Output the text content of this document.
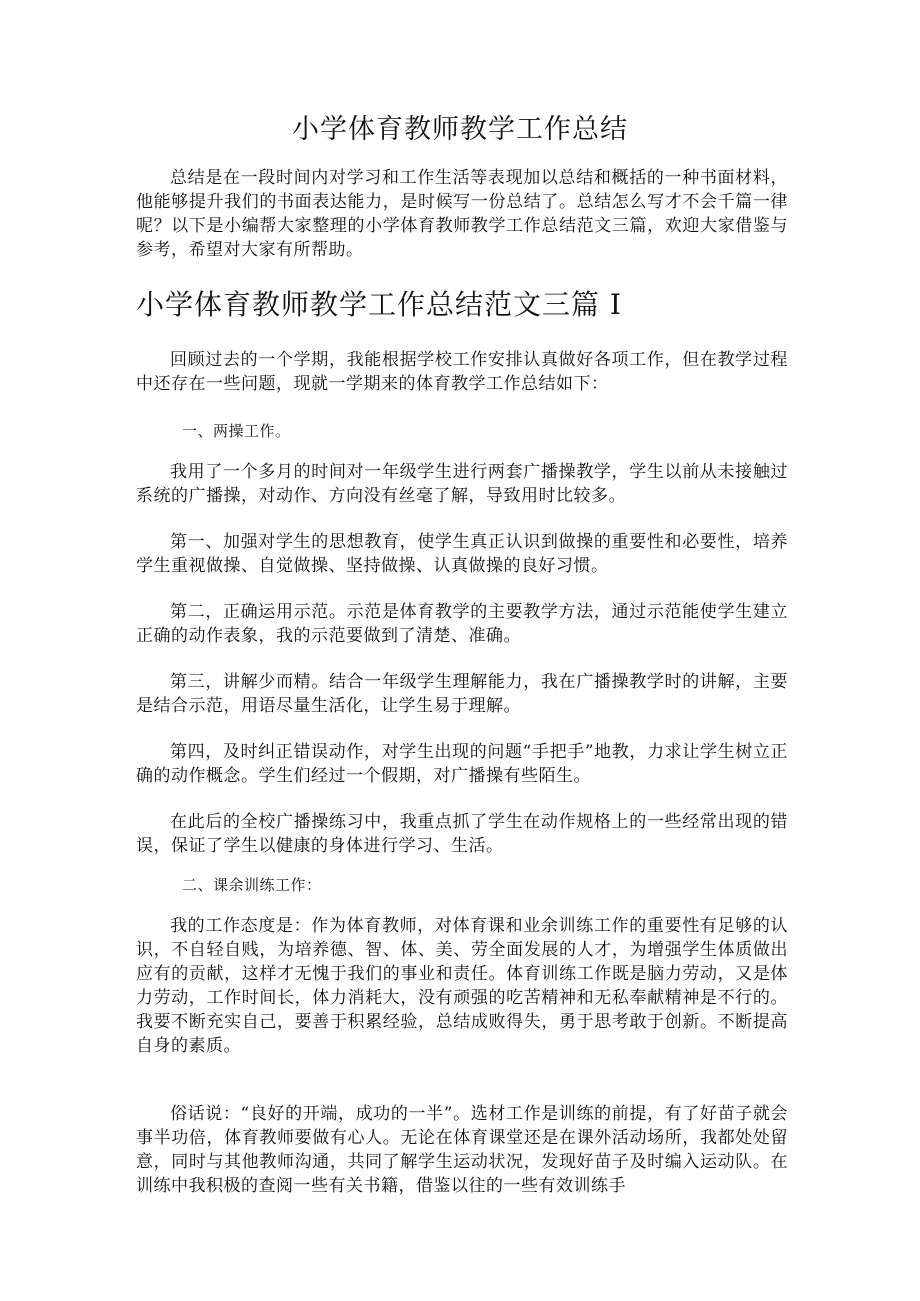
小学体育教师教学工作总结

总结是在一段时间内对学习和工作生活等表现加以总结和概括的一种书面材料，他能够提升我们的书面表达能力，是时候写一份总结了。总结怎么写才不会千篇一律呢？以下是小编帮大家整理的小学体育教师教学工作总结范文三篇，欢迎大家借鉴与参考，希望对大家有所帮助。

小学体育教师教学工作总结范文三篇 I

回顾过去的一个学期，我能根据学校工作安排认真做好各项工作，但在教学过程中还存在一些问题，现就一学期来的体育教学工作总结如下：

一、两操工作。

我用了一个多月的时间对一年级学生进行两套广播操教学，学生以前从未接触过系统的广播操，对动作、方向没有丝毫了解，导致用时比较多。

第一、加强对学生的思想教育，使学生真正认识到做操的重要性和必要性，培养学生重视做操、自觉做操、坚持做操、认真做操的良好习惯。

第二，正确运用示范。示范是体育教学的主要教学方法，通过示范能使学生建立正确的动作表象，我的示范要做到了清楚、准确。

第三，讲解少而精。结合一年级学生理解能力，我在广播操教学时的讲解，主要是结合示范，用语尽量生活化，让学生易于理解。

第四，及时纠正错误动作，对学生出现的问题“手把手”地教，力求让学生树立正确的动作概念。学生们经过一个假期，对广播操有些陌生。

在此后的全校广播操练习中，我重点抓了学生在动作规格上的一些经常出现的错误，保证了学生以健康的身体进行学习、生活。

二、课余训练工作：

我的工作态度是：作为体育教师，对体育课和业余训练工作的重要性有足够的认识，不自轻自贱，为培养德、智、体、美、劳全面发展的人才，为增强学生体质做出应有的贡献，这样才无愧于我们的事业和责任。体育训练工作既是脑力劳动，又是体力劳动，工作时间长，体力消耗大，没有顽强的吃苦精神和无私奉献精神是不行的。我要不断充实自己，要善于积累经验，总结成败得失，勇于思考敢于创新。不断提高自身的素质。

俗话说：“良好的开端，成功的一半”。选材工作是训练的前提，有了好苗子就会事半功倍，体育教师要做有心人。无论在体育课堂还是在课外活动场所，我都处处留意，同时与其他教师沟通，共同了解学生运动状况，发现好苗子及时编入运动队。在训练中我积极的查阅一些有关书籍，借鉴以往的一些有效训练手
